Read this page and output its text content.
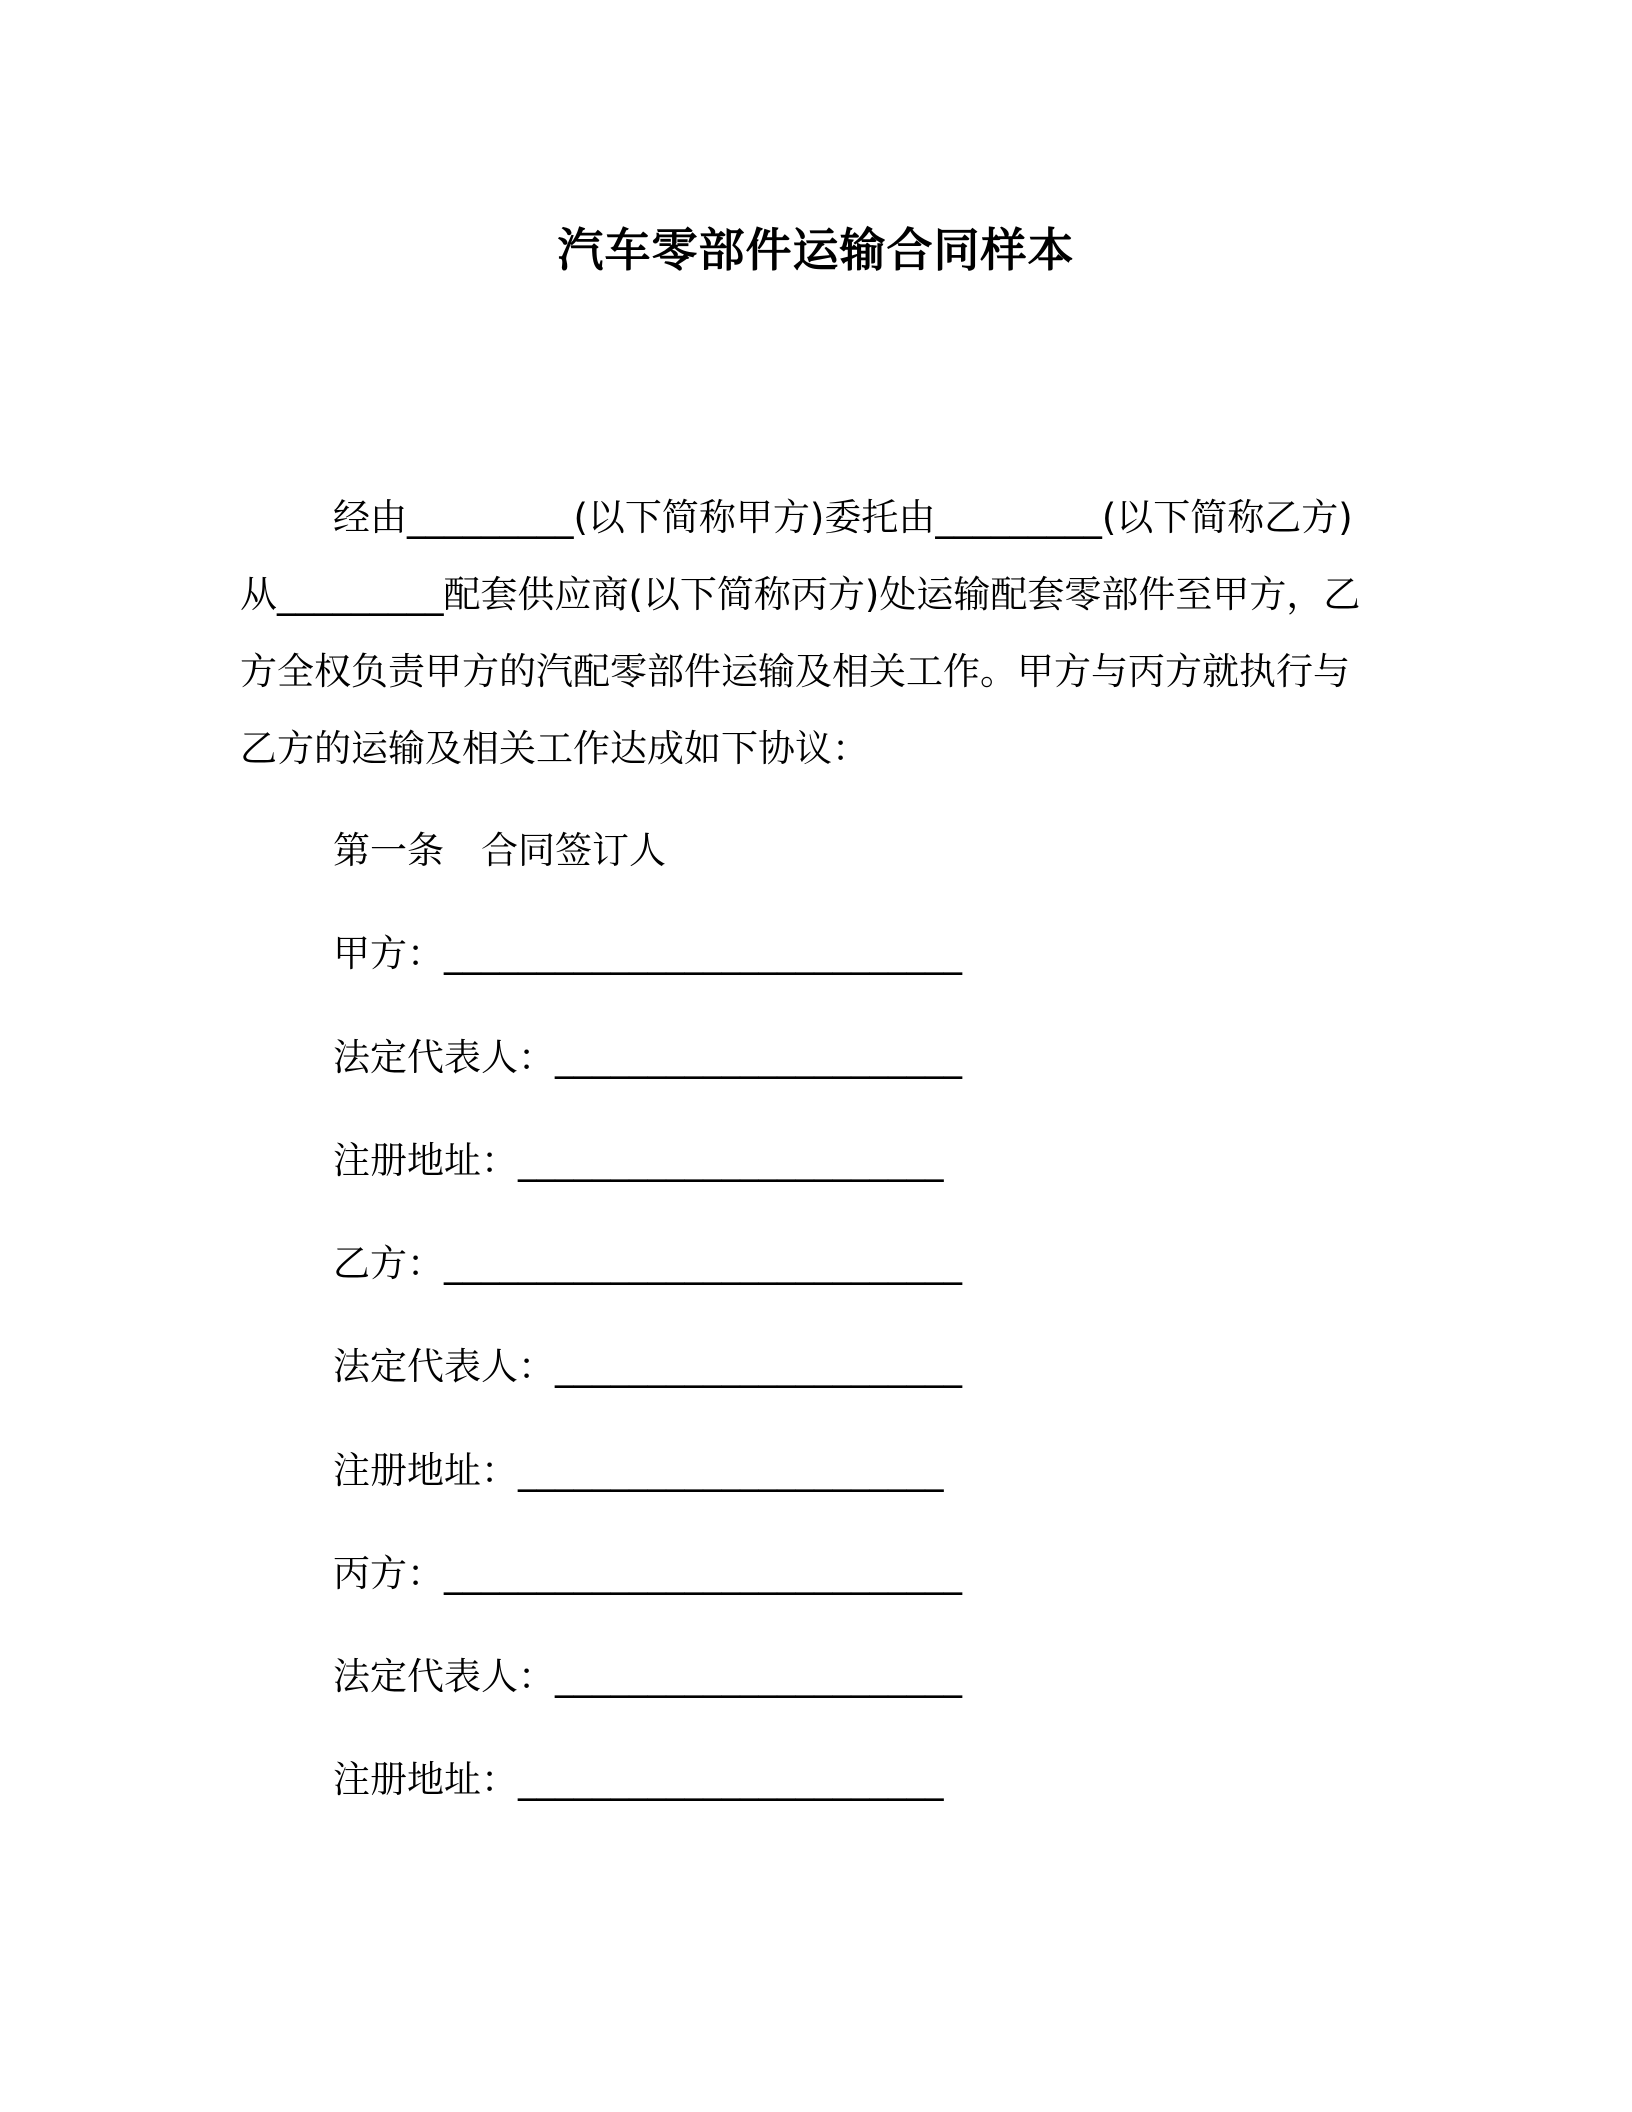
汽车零部件运输合同样本
经由_________(以下简称甲方)委托由_________(以下简称乙方)
从_________配套供应商(以下简称丙方)处运输配套零部件至甲方，乙
方全权负责甲方的汽配零部件运输及相关工作。甲方与丙方就执行与
乙方的运输及相关工作达成如下协议：
第一条　合同签订人
甲方：____________________________
法定代表人：______________________
注册地址：_______________________
乙方：____________________________
法定代表人：______________________
注册地址：_______________________
丙方：____________________________
法定代表人：______________________
注册地址：_______________________
